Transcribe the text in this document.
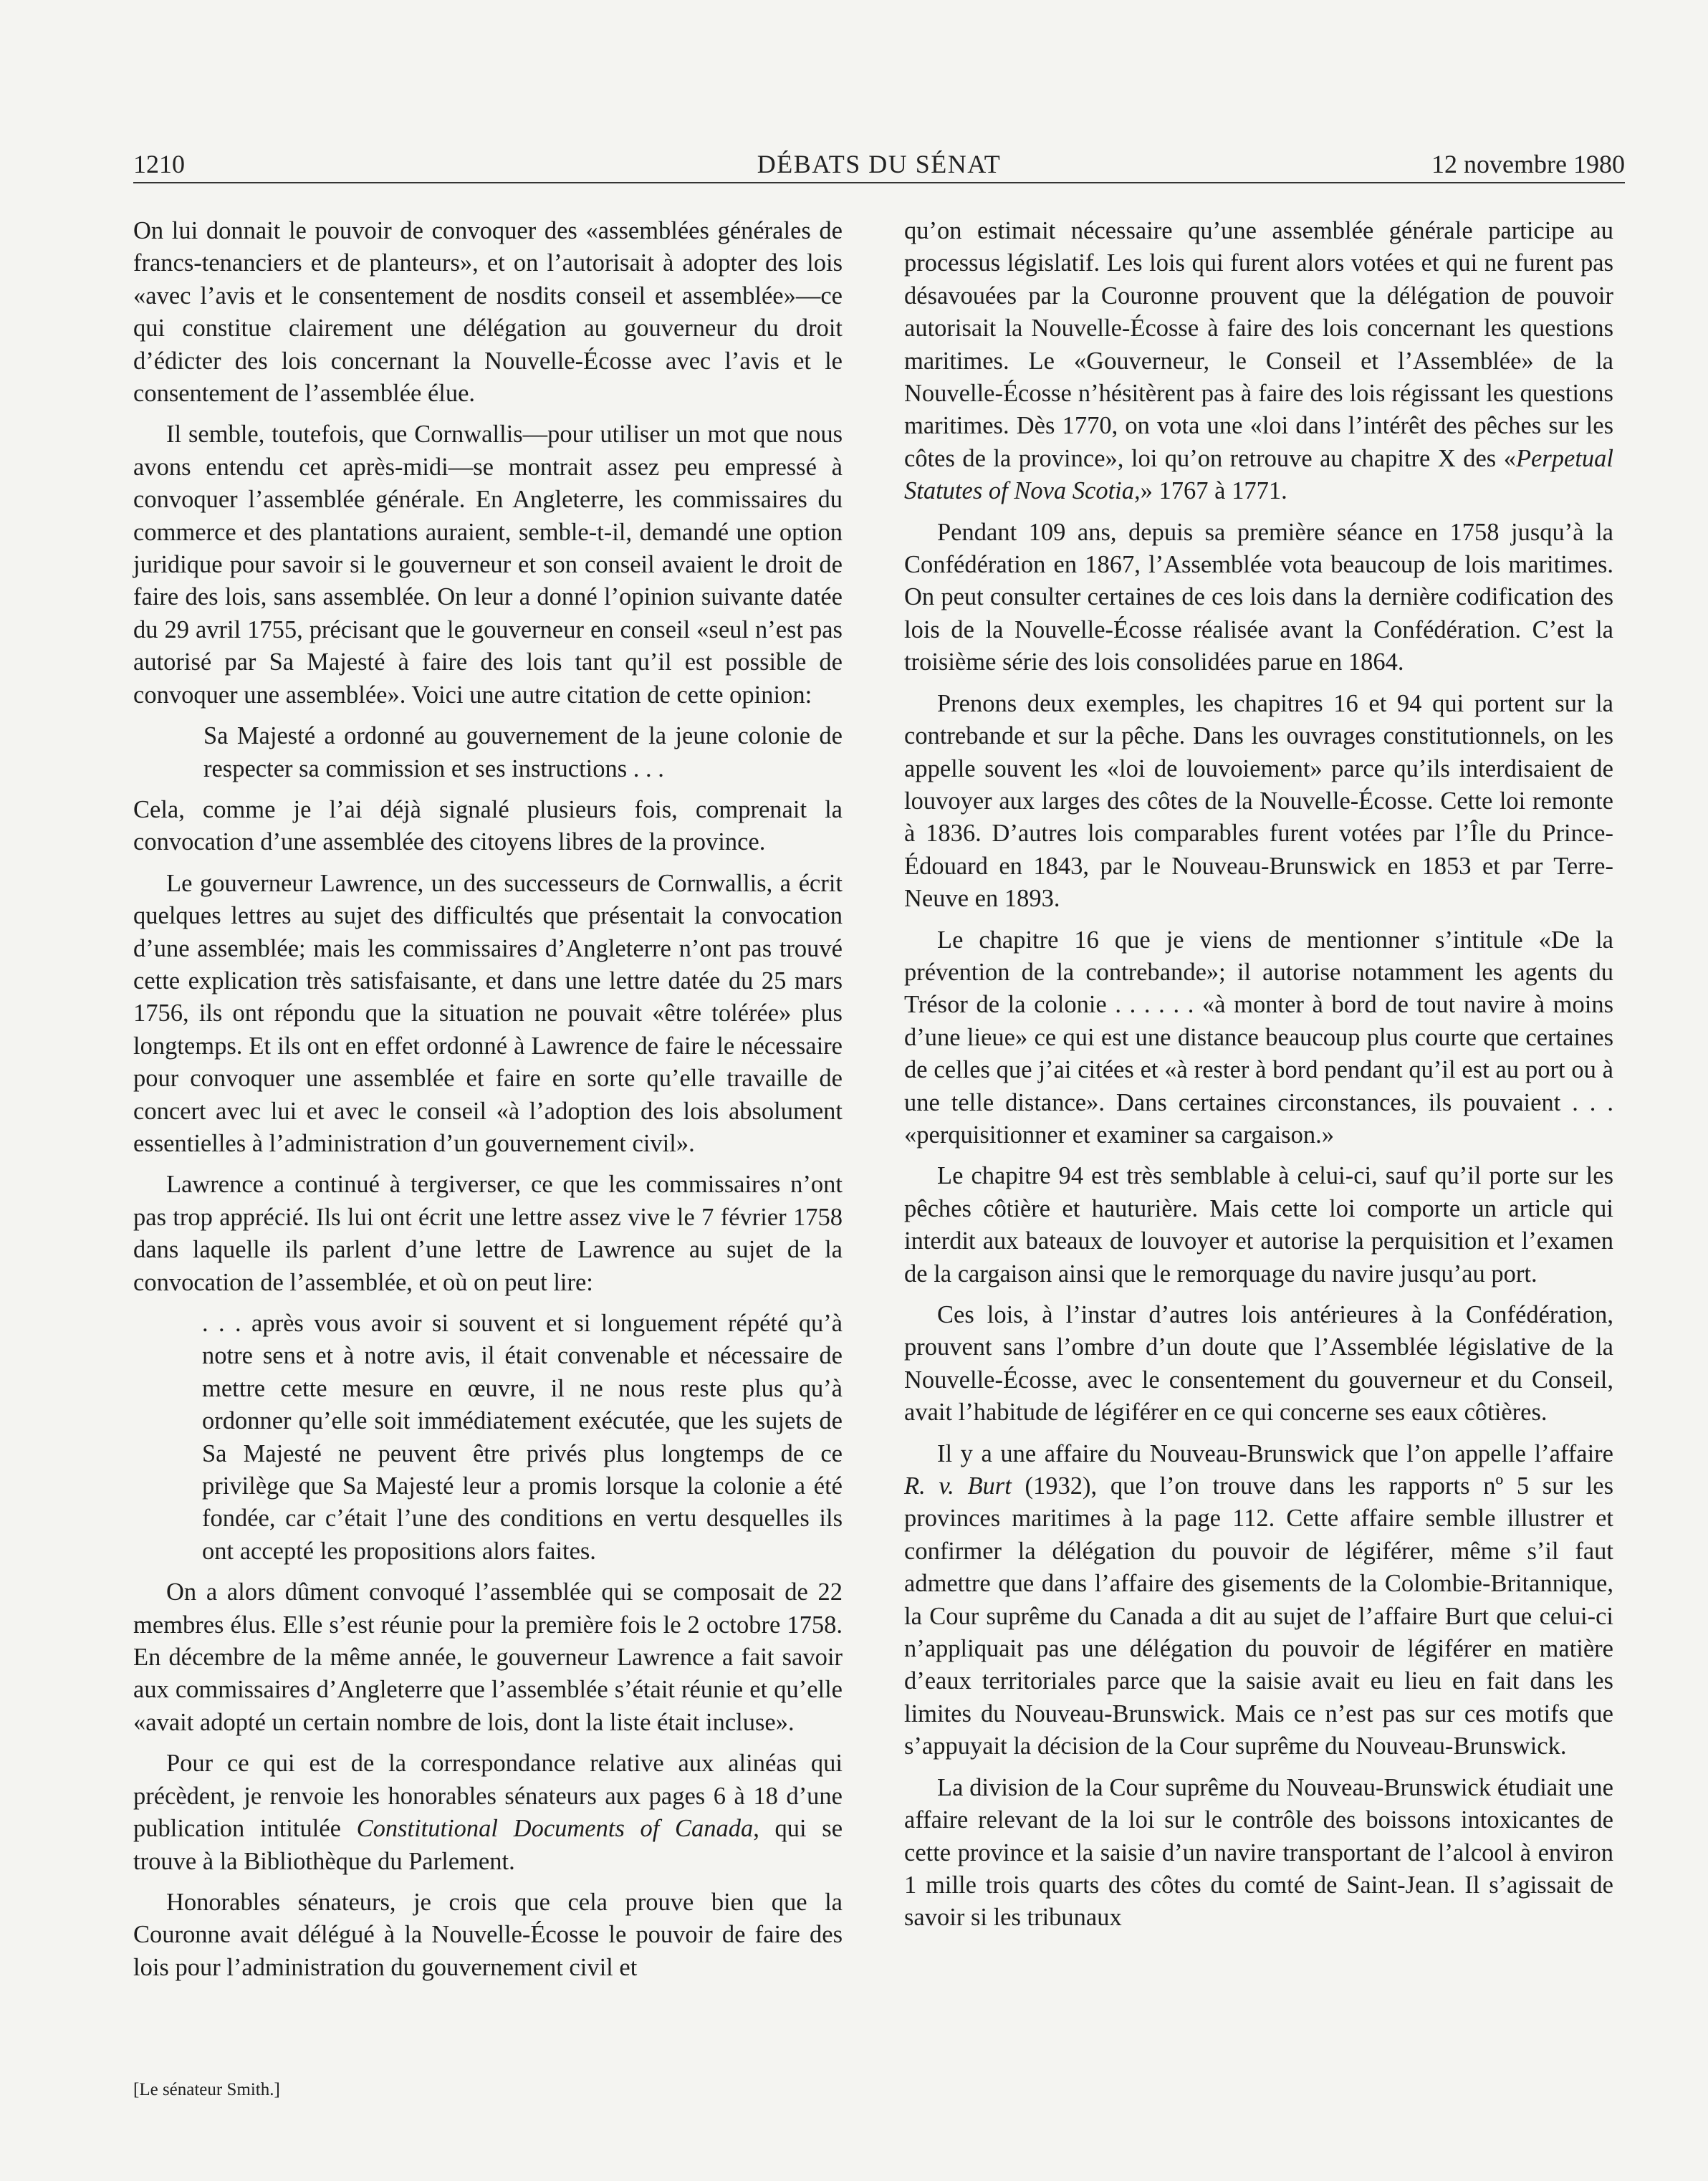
1210	DÉBATS DU SÉNAT	12 novembre 1980

On lui donnait le pouvoir de convoquer des «assemblées générales de francs-tenanciers et de planteurs», et on l’autorisait à adopter des lois «avec l’avis et le consentement de nosdits conseil et assemblée»—ce qui constitue clairement une délégation au gouverneur du droit d’édicter des lois concernant la Nouvelle-Écosse avec l’avis et le consentement de l’assemblée élue.

Il semble, toutefois, que Cornwallis—pour utiliser un mot que nous avons entendu cet après-midi—se montrait assez peu empressé à convoquer l’assemblée générale. En Angleterre, les commissaires du commerce et des plantations auraient, semble-t-il, demandé une option juridique pour savoir si le gouverneur et son conseil avaient le droit de faire des lois, sans assemblée. On leur a donné l’opinion suivante datée du 29 avril 1755, précisant que le gouverneur en conseil «seul n’est pas autorisé par Sa Majesté à faire des lois tant qu’il est possible de convoquer une assemblée». Voici une autre citation de cette opinion:

Sa Majesté a ordonné au gouvernement de la jeune colonie de respecter sa commission et ses instructions . . .

Cela, comme je l’ai déjà signalé plusieurs fois, comprenait la convocation d’une assemblée des citoyens libres de la province.

Le gouverneur Lawrence, un des successeurs de Cornwallis, a écrit quelques lettres au sujet des difficultés que présentait la convocation d’une assemblée; mais les commissaires d’Angleterre n’ont pas trouvé cette explication très satisfaisante, et dans une lettre datée du 25 mars 1756, ils ont répondu que la situation ne pouvait «être tolérée» plus longtemps. Et ils ont en effet ordonné à Lawrence de faire le nécessaire pour convoquer une assemblée et faire en sorte qu’elle travaille de concert avec lui et avec le conseil «à l’adoption des lois absolument essentielles à l’administration d’un gouvernement civil».

Lawrence a continué à tergiverser, ce que les commissaires n’ont pas trop apprécié. Ils lui ont écrit une lettre assez vive le 7 février 1758 dans laquelle ils parlent d’une lettre de Lawrence au sujet de la convocation de l’assemblée, et où on peut lire:

. . . après vous avoir si souvent et si longuement répété qu’à notre sens et à notre avis, il était convenable et nécessaire de mettre cette mesure en œuvre, il ne nous reste plus qu’à ordonner qu’elle soit immédiatement exécutée, que les sujets de Sa Majesté ne peuvent être privés plus longtemps de ce privilège que Sa Majesté leur a promis lorsque la colonie a été fondée, car c’était l’une des conditions en vertu desquelles ils ont accepté les propositions alors faites.

On a alors dûment convoqué l’assemblée qui se composait de 22 membres élus. Elle s’est réunie pour la première fois le 2 octobre 1758. En décembre de la même année, le gouverneur Lawrence a fait savoir aux commissaires d’Angleterre que l’assemblée s’était réunie et qu’elle «avait adopté un certain nombre de lois, dont la liste était incluse».

Pour ce qui est de la correspondance relative aux alinéas qui précèdent, je renvoie les honorables sénateurs aux pages 6 à 18 d’une publication intitulée Constitutional Documents of Canada, qui se trouve à la Bibliothèque du Parlement.

Honorables sénateurs, je crois que cela prouve bien que la Couronne avait délégué à la Nouvelle-Écosse le pouvoir de faire des lois pour l’administration du gouvernement civil et

qu’on estimait nécessaire qu’une assemblée générale participe au processus législatif. Les lois qui furent alors votées et qui ne furent pas désavouées par la Couronne prouvent que la délégation de pouvoir autorisait la Nouvelle-Écosse à faire des lois concernant les questions maritimes. Le «Gouverneur, le Conseil et l’Assemblée» de la Nouvelle-Écosse n’hésitèrent pas à faire des lois régissant les questions maritimes. Dès 1770, on vota une «loi dans l’intérêt des pêches sur les côtes de la province», loi qu’on retrouve au chapitre X des «Perpetual Statutes of Nova Scotia,» 1767 à 1771.

Pendant 109 ans, depuis sa première séance en 1758 jusqu’à la Confédération en 1867, l’Assemblée vota beaucoup de lois maritimes. On peut consulter certaines de ces lois dans la dernière codification des lois de la Nouvelle-Écosse réalisée avant la Confédération. C’est la troisième série des lois consolidées parue en 1864.

Prenons deux exemples, les chapitres 16 et 94 qui portent sur la contrebande et sur la pêche. Dans les ouvrages constitutionnels, on les appelle souvent les «loi de louvoiement» parce qu’ils interdisaient de louvoyer aux larges des côtes de la Nouvelle-Écosse. Cette loi remonte à 1836. D’autres lois comparables furent votées par l’Île du Prince-Édouard en 1843, par le Nouveau-Brunswick en 1853 et par Terre-Neuve en 1893.

Le chapitre 16 que je viens de mentionner s’intitule «De la prévention de la contrebande»; il autorise notamment les agents du Trésor de la colonie . . . . . . «à monter à bord de tout navire à moins d’une lieue» ce qui est une distance beaucoup plus courte que certaines de celles que j’ai citées et «à rester à bord pendant qu’il est au port ou à une telle distance». Dans certaines circonstances, ils pouvaient . . . «perquisitionner et examiner sa cargaison.»

Le chapitre 94 est très semblable à celui-ci, sauf qu’il porte sur les pêches côtière et hauturière. Mais cette loi comporte un article qui interdit aux bateaux de louvoyer et autorise la perquisition et l’examen de la cargaison ainsi que le remorquage du navire jusqu’au port.

Ces lois, à l’instar d’autres lois antérieures à la Confédération, prouvent sans l’ombre d’un doute que l’Assemblée législative de la Nouvelle-Écosse, avec le consentement du gouverneur et du Conseil, avait l’habitude de légiférer en ce qui concerne ses eaux côtières.

Il y a une affaire du Nouveau-Brunswick que l’on appelle l’affaire R. v. Burt (1932), que l’on trouve dans les rapports nº 5 sur les provinces maritimes à la page 112. Cette affaire semble illustrer et confirmer la délégation du pouvoir de légiférer, même s’il faut admettre que dans l’affaire des gisements de la Colombie-Britannique, la Cour suprême du Canada a dit au sujet de l’affaire Burt que celui-ci n’appliquait pas une délégation du pouvoir de légiférer en matière d’eaux territoriales parce que la saisie avait eu lieu en fait dans les limites du Nouveau-Brunswick. Mais ce n’est pas sur ces motifs que s’appuyait la décision de la Cour suprême du Nouveau-Brunswick.

La division de la Cour suprême du Nouveau-Brunswick étudiait une affaire relevant de la loi sur le contrôle des boissons intoxicantes de cette province et la saisie d’un navire transportant de l’alcool à environ 1 mille trois quarts des côtes du comté de Saint-Jean. Il s’agissait de savoir si les tribunaux

[Le sénateur Smith.]
